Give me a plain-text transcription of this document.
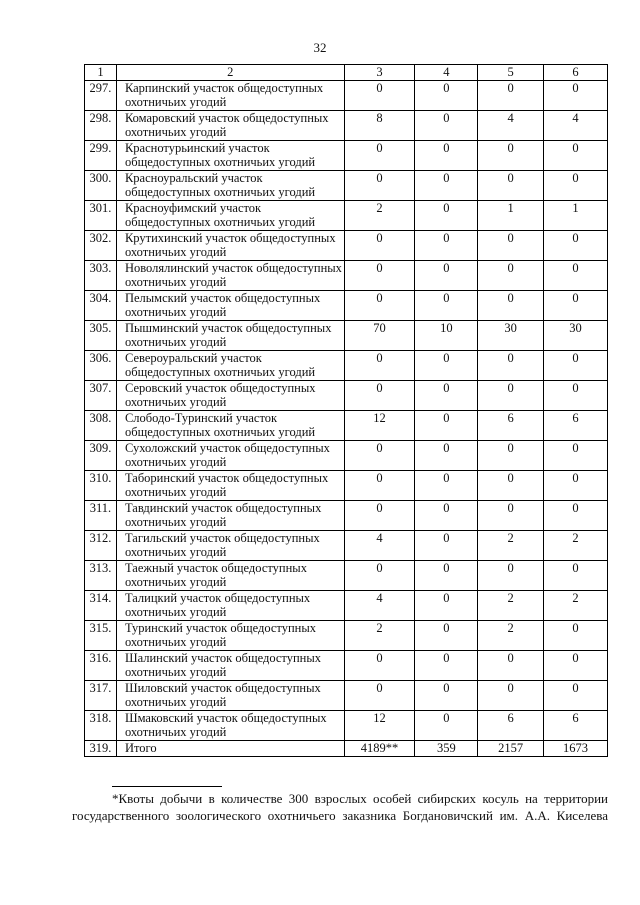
32
1	2	3	4	5	6
297.	Карпинский участок общедоступных охотничьих угодий	0	0	0	0
298.	Комаровский участок общедоступных охотничьих угодий	8	0	4	4
299.	Краснотурьинский участок общедоступных охотничьих угодий	0	0	0	0
300.	Красноуральский участок общедоступных охотничьих угодий	0	0	0	0
301.	Красноуфимский участок общедоступных охотничьих угодий	2	0	1	1
302.	Крутихинский участок общедоступных охотничьих угодий	0	0	0	0
303.	Новолялинский участок общедоступных охотничьих угодий	0	0	0	0
304.	Пелымский участок общедоступных охотничьих угодий	0	0	0	0
305.	Пышминский участок общедоступных охотничьих угодий	70	10	30	30
306.	Североуральский участок общедоступных охотничьих угодий	0	0	0	0
307.	Серовский участок общедоступных охотничьих угодий	0	0	0	0
308.	Слободо-Туринский участок общедоступных охотничьих угодий	12	0	6	6
309.	Сухоложский участок общедоступных охотничьих угодий	0	0	0	0
310.	Таборинский участок общедоступных охотничьих угодий	0	0	0	0
311.	Тавдинский участок общедоступных охотничьих угодий	0	0	0	0
312.	Тагильский участок общедоступных охотничьих угодий	4	0	2	2
313.	Таежный участок общедоступных охотничьих угодий	0	0	0	0
314.	Талицкий участок общедоступных охотничьих угодий	4	0	2	2
315.	Туринский участок общедоступных охотничьих угодий	2	0	2	0
316.	Шалинский участок общедоступных охотничьих угодий	0	0	0	0
317.	Шиловский участок общедоступных охотничьих угодий	0	0	0	0
318.	Шмаковский участок общедоступных охотничьих угодий	12	0	6	6
319.	Итого	4189**	359	2157	1673
*Квоты добычи в количестве 300 взрослых особей сибирских косуль на территории государственного зоологического охотничьего заказника Богдановичский им. А.А. Киселева
